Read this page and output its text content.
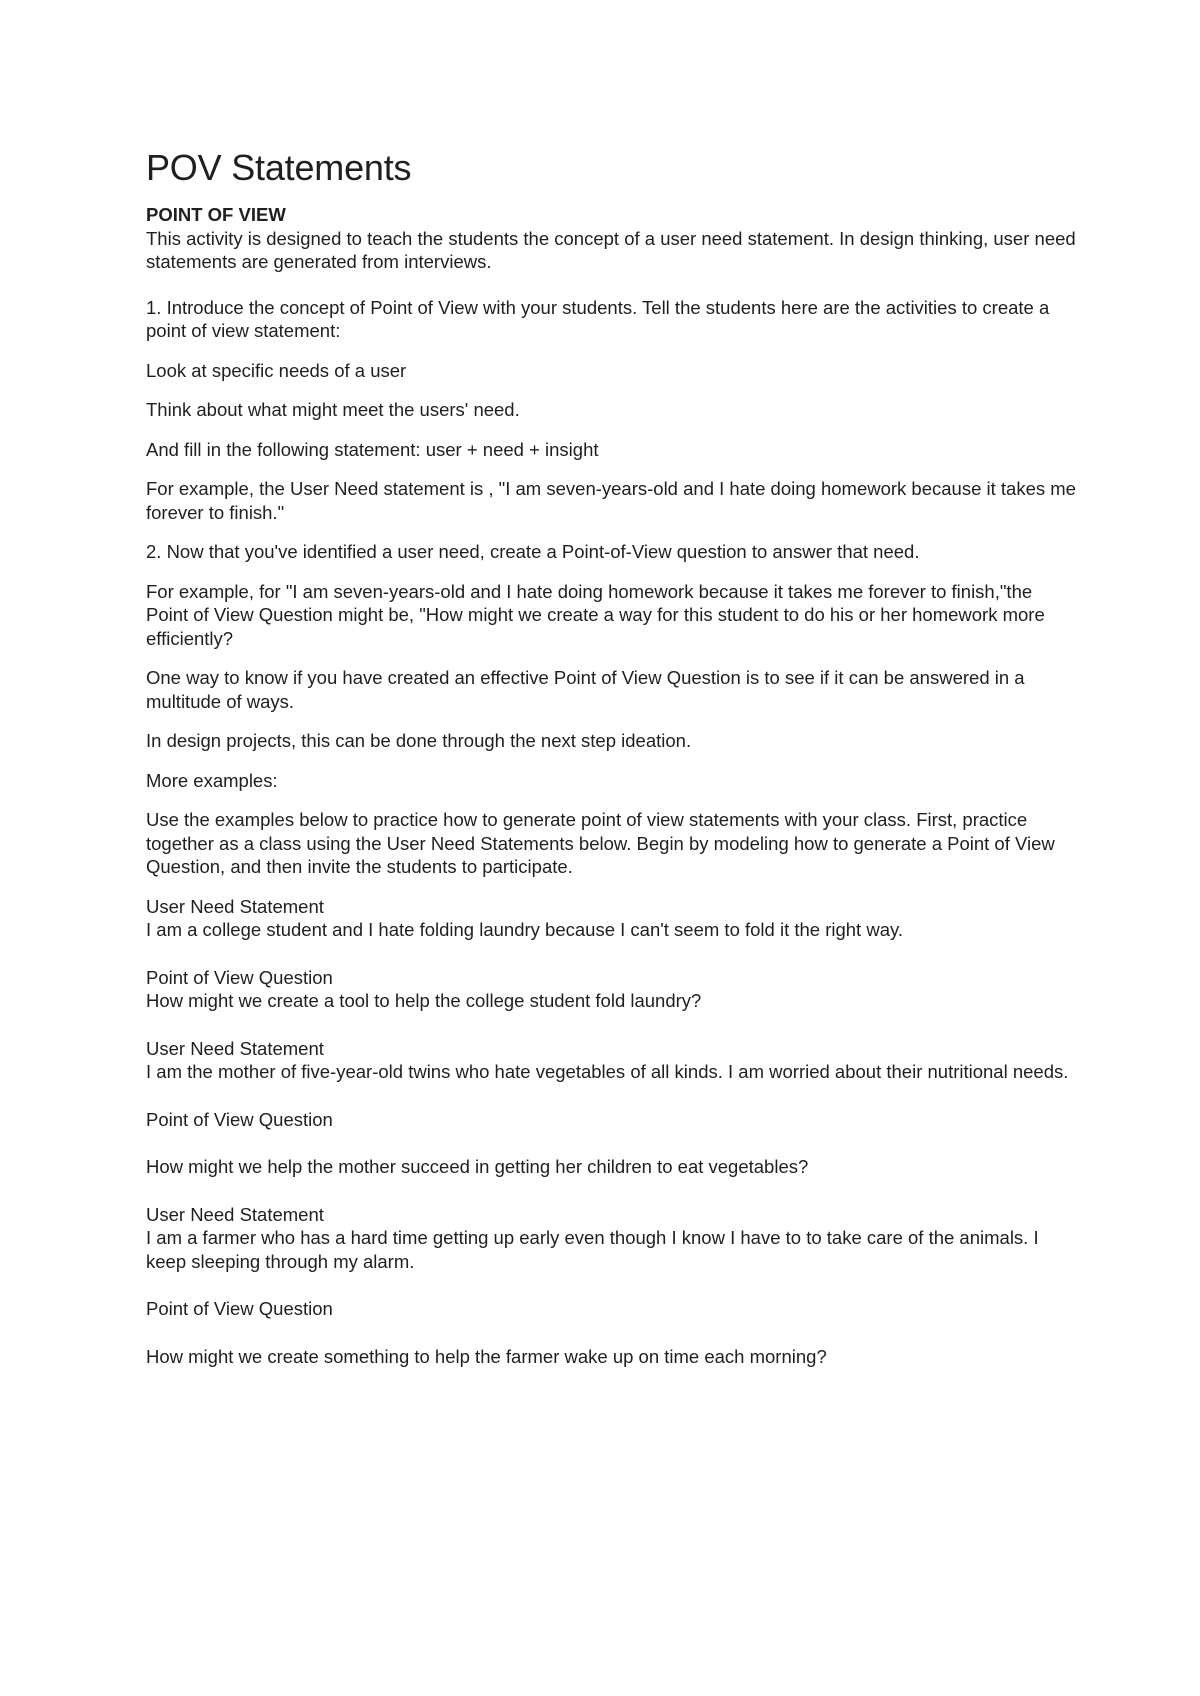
POV Statements

POINT OF VIEW

This activity is designed to teach the students the concept of a user need statement. In design thinking, user need statements are generated from interviews.

1. Introduce the concept of Point of View with your students. Tell the students here are the activities to create a point of view statement:

Look at specific needs of a user

Think about what might meet the users' need.

And fill in the following statement: user + need + insight

For example, the User Need statement is , "I am seven-years-old and I hate doing homework because it takes me forever to finish."

2. Now that you've identified a user need, create a Point-of-View question to answer that need.

For example, for "I am seven-years-old and I hate doing homework because it takes me forever to finish,"the Point of View Question might be, "How might we create a way for this student to do his or her homework more efficiently?

One way to know if you have created an effective Point of View Question is to see if it can be answered in a multitude of ways.

In design projects, this can be done through the next step ideation.

More examples:

Use the examples below to practice how to generate point of view statements with your class. First, practice together as a class using the User Need Statements below. Begin by modeling how to generate a Point of View Question, and then invite the students to participate.

User Need Statement

I am a college student and I hate folding laundry because I can't seem to fold it the right way.

Point of View Question

How might we create a tool to help the college student fold laundry?

User Need Statement

I am the mother of five-year-old twins who hate vegetables of all kinds. I am worried about their nutritional needs.

Point of View Question

How might we help the mother succeed in getting her children to eat vegetables?

User Need Statement

I am a farmer who has a hard time getting up early even though I know I have to to take care of the animals. I keep sleeping through my alarm.

Point of View Question

How might we create something to help the farmer wake up on time each morning?
